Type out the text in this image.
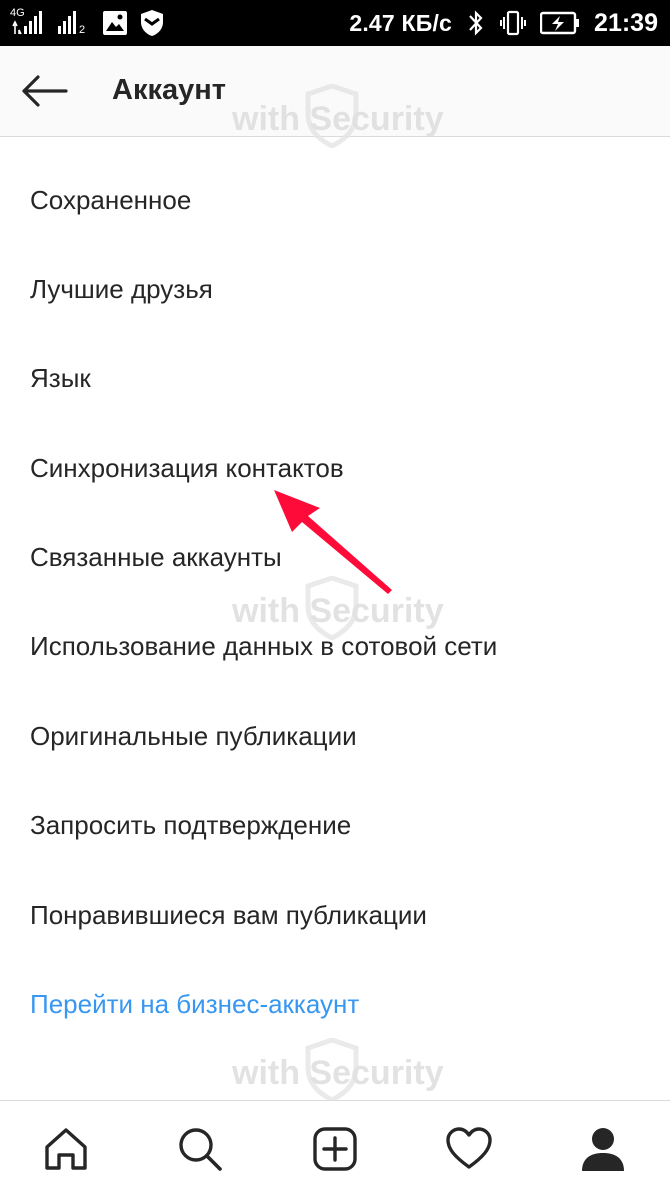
4G
2	2.47 КБ/с	21:39
Аккаунт
with Security
with Security
with Security
Сохраненное
Лучшие друзья
Язык
Синхронизация контактов
Связанные аккаунты
Использование данных в сотовой сети
Оригинальные публикации
Запросить подтверждение
Понравившиеся вам публикации
Перейти на бизнес-аккаунт
